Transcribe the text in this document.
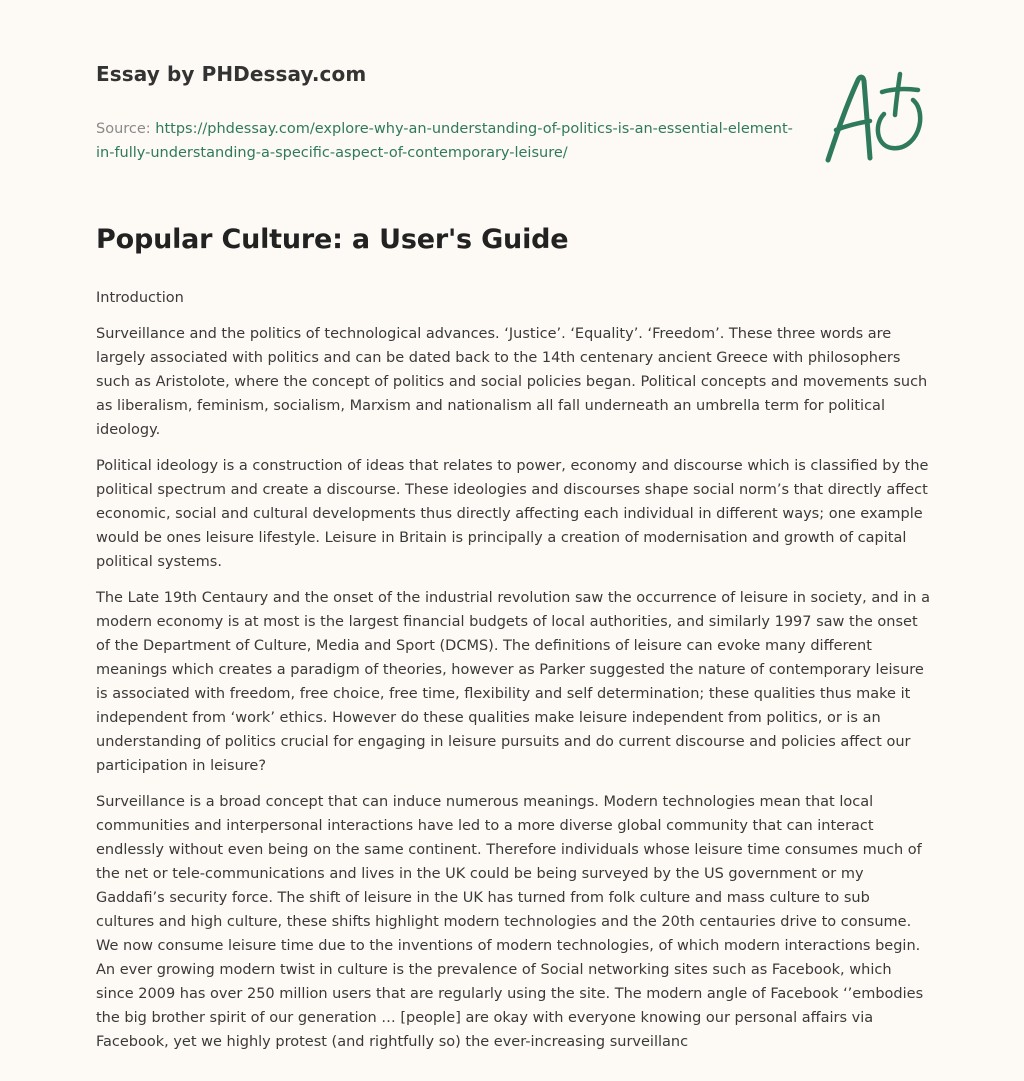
Essay by PHDessay.com
Source: https://phdessay.com/explore-why-an-understanding-of-politics-is-an-essential-element-in-fully-understanding-a-specific-aspect-of-contemporary-leisure/
Popular Culture: a User's Guide

Introduction

Surveillance and the politics of technological advances. ‘Justice’. ‘Equality’. ‘Freedom’. These three words are largely associated with politics and can be dated back to the 14th centenary ancient Greece with philosophers such as Aristolote, where the concept of politics and social policies began. Political concepts and movements such as liberalism, feminism, socialism, Marxism and nationalism all fall underneath an umbrella term for political ideology.

Political ideology is a construction of ideas that relates to power, economy and discourse which is classified by the political spectrum and create a discourse. These ideologies and discourses shape social norm’s that directly affect economic, social and cultural developments thus directly affecting each individual in different ways; one example would be ones leisure lifestyle. Leisure in Britain is principally a creation of modernisation and growth of capital political systems.

The Late 19th Centaury and the onset of the industrial revolution saw the occurrence of leisure in society, and in a modern economy is at most is the largest financial budgets of local authorities, and similarly 1997 saw the onset of the Department of Culture, Media and Sport (DCMS). The definitions of leisure can evoke many different meanings which creates a paradigm of theories, however as Parker suggested the nature of contemporary leisure is associated with freedom, free choice, free time, flexibility and self determination; these qualities thus make it independent from ‘work’ ethics. However do these qualities make leisure independent from politics, or is an understanding of politics crucial for engaging in leisure pursuits and do current discourse and policies affect our participation in leisure?

Surveillance is a broad concept that can induce numerous meanings. Modern technologies mean that local communities and interpersonal interactions have led to a more diverse global community that can interact endlessly without even being on the same continent. Therefore individuals whose leisure time consumes much of the net or tele-communications and lives in the UK could be being surveyed by the US government or my Gaddafi’s security force. The shift of leisure in the UK has turned from folk culture and mass culture to sub cultures and high culture, these shifts highlight modern technologies and the 20th centauries drive to consume. We now consume leisure time due to the inventions of modern technologies, of which modern interactions begin. An ever growing modern twist in culture is the prevalence of Social networking sites such as Facebook, which since 2009 has over 250 million users that are regularly using the site. The modern angle of Facebook ‘’embodies the big brother spirit of our generation … [people] are okay with everyone knowing our personal affairs via Facebook, yet we highly protest (and rightfully so) the ever-increasing surveillanc
